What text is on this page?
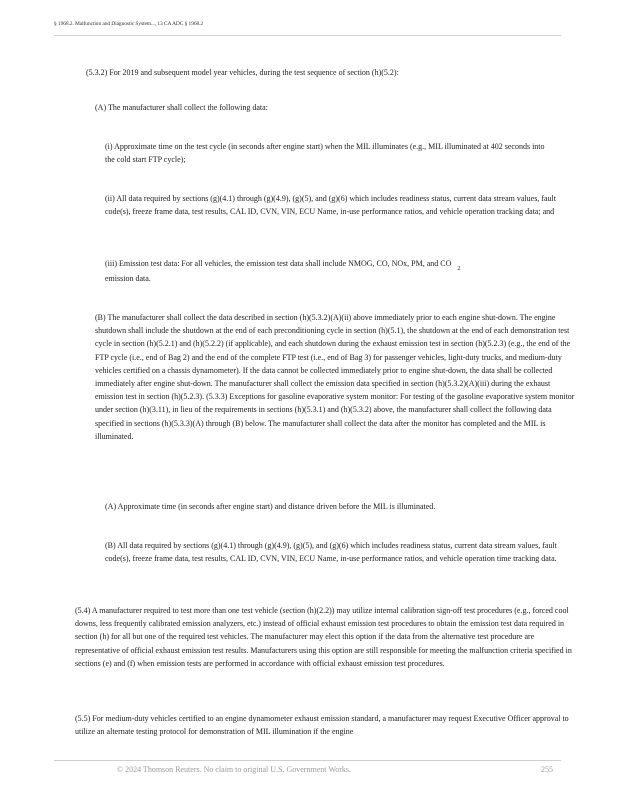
§ 1968.2. Malfunction and Diagnostic System..., 13 CA ADC § 1968.2

(5.3.2) For 2019 and subsequent model year vehicles, during the test sequence of section (h)(5.2):

(A) The manufacturer shall collect the following data:

(i) Approximate time on the test cycle (in seconds after engine start) when the MIL illuminates (e.g., MIL illuminated at 402 seconds into the cold start FTP cycle);

(ii) All data required by sections (g)(4.1) through (g)(4.9), (g)(5), and (g)(6) which includes readiness status, current data stream values, fault code(s), freeze frame data, test results, CAL ID, CVN, VIN, ECU Name, in-use performance ratios, and vehicle operation tracking data; and

(iii) Emission test data: For all vehicles, the emission test data shall include NMOG, CO, NOx, PM, and $CO_2$
emission data.

(B) The manufacturer shall collect the data described in section (h)(5.3.2)(A)(ii) above immediately prior to each engine shut-down. The engine shutdown shall include the shutdown at the end of each preconditioning cycle in section (h)(5.1), the shutdown at the end of each demonstration test cycle in section (h)(5.2.1) and (h)(5.2.2) (if applicable), and each shutdown during the exhaust emission test in section (h)(5.2.3) (e.g., the end of the FTP cycle (i.e., end of Bag 2) and the end of the complete FTP test (i.e., end of Bag 3) for passenger vehicles, light-duty trucks, and medium-duty vehicles certified on a chassis dynamometer). If the data cannot be collected immediately prior to engine shut-down, the data shall be collected immediately after engine shut-down. The manufacturer shall collect the emission data specified in section (h)(5.3.2)(A)(iii) during the exhaust emission test in section (h)(5.2.3). (5.3.3) Exceptions for gasoline evaporative system monitor: For testing of the gasoline evaporative system monitor under section (h)(3.11), in lieu of the requirements in sections (h)(5.3.1) and (h)(5.3.2) above, the manufacturer shall collect the following data specified in sections (h)(5.3.3)(A) through (B) below. The manufacturer shall collect the data after the monitor has completed and the MIL is illuminated.

(A) Approximate time (in seconds after engine start) and distance driven before the MIL is illuminated.

(B) All data required by sections (g)(4.1) through (g)(4.9), (g)(5), and (g)(6) which includes readiness status, current data stream values, fault code(s), freeze frame data, test results, CAL ID, CVN, VIN, ECU Name, in-use performance ratios, and vehicle operation time tracking data.

(5.4) A manufacturer required to test more than one test vehicle (section (h)(2.2)) may utilize internal calibration sign-off test procedures (e.g., forced cool downs, less frequently calibrated emission analyzers, etc.) instead of official exhaust emission test procedures to obtain the emission test data required in section (h) for all but one of the required test vehicles. The manufacturer may elect this option if the data from the alternative test procedure are representative of official exhaust emission test results. Manufacturers using this option are still responsible for meeting the malfunction criteria specified in sections (e) and (f) when emission tests are performed in accordance with official exhaust emission test procedures.

(5.5) For medium-duty vehicles certified to an engine dynamometer exhaust emission standard, a manufacturer may request Executive Officer approval to utilize an alternate testing protocol for demonstration of MIL illumination if the engine

© 2024 Thomson Reuters. No claim to original U.S. Government Works.	255
